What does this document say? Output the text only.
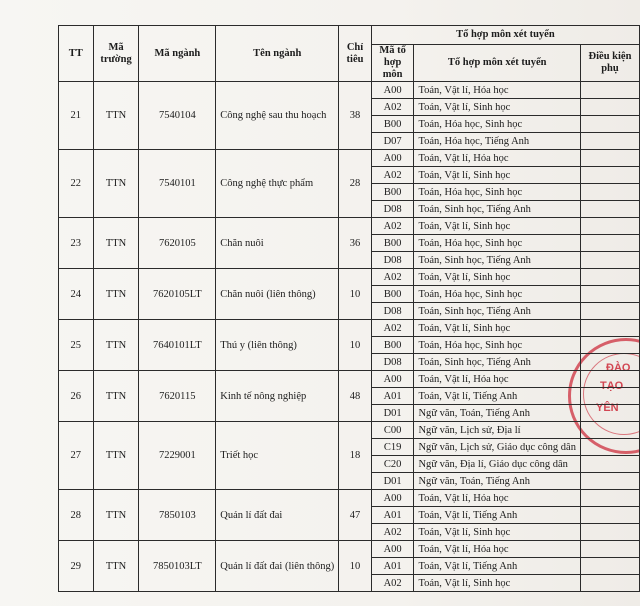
ĐÀO
TẠO
YÊN
TT	Mã trường	Mã ngành	Tên ngành	Chỉ tiêu	Tổ hợp môn xét tuyển		
					Mã tổ hợp môn	Tổ hợp môn xét tuyển	Điều kiện phụ
21	TTN	7540104	Công nghệ sau thu hoạch	38	A00	Toán, Vật lí, Hóa học	
					A02	Toán, Vật lí, Sinh học	
					B00	Toán, Hóa học, Sinh học	
					D07	Toán, Hóa học, Tiếng Anh	
22	TTN	7540101	Công nghệ thực phẩm	28	A00	Toán, Vật lí, Hóa học	
					A02	Toán, Vật lí, Sinh học	
					B00	Toán, Hóa học, Sinh học	
					D08	Toán, Sinh học, Tiếng Anh	
23	TTN	7620105	Chăn nuôi	36	A02	Toán, Vật lí, Sinh học	
					B00	Toán, Hóa học, Sinh học	
					D08	Toán, Sinh học, Tiếng Anh	
24	TTN	7620105LT	Chăn nuôi (liên thông)	10	A02	Toán, Vật lí, Sinh học	
					B00	Toán, Hóa học, Sinh học	
					D08	Toán, Sinh học, Tiếng Anh	
25	TTN	7640101LT	Thú y (liên thông)	10	A02	Toán, Vật lí, Sinh học	
					B00	Toán, Hóa học, Sinh học	
					D08	Toán, Sinh học, Tiếng Anh	
26	TTN	7620115	Kinh tế nông nghiệp	48	A00	Toán, Vật lí, Hóa học	
					A01	Toán, Vật lí, Tiếng Anh	
					D01	Ngữ văn, Toán, Tiếng Anh	
27	TTN	7229001	Triết học	18	C00	Ngữ văn, Lịch sử, Địa lí	
					C19	Ngữ văn, Lịch sử, Giáo dục công dân	
					C20	Ngữ văn, Địa lí, Giáo dục công dân	
					D01	Ngữ văn, Toán, Tiếng Anh	
28	TTN	7850103	Quản lí đất đai	47	A00	Toán, Vật lí, Hóa học	
					A01	Toán, Vật lí, Tiếng Anh	
					A02	Toán, Vật lí, Sinh học	
29	TTN	7850103LT	Quản lí đất đai (liên thông)	10	A00	Toán, Vật lí, Hóa học	
					A01	Toán, Vật lí, Tiếng Anh	
					A02	Toán, Vật lí, Sinh học	
